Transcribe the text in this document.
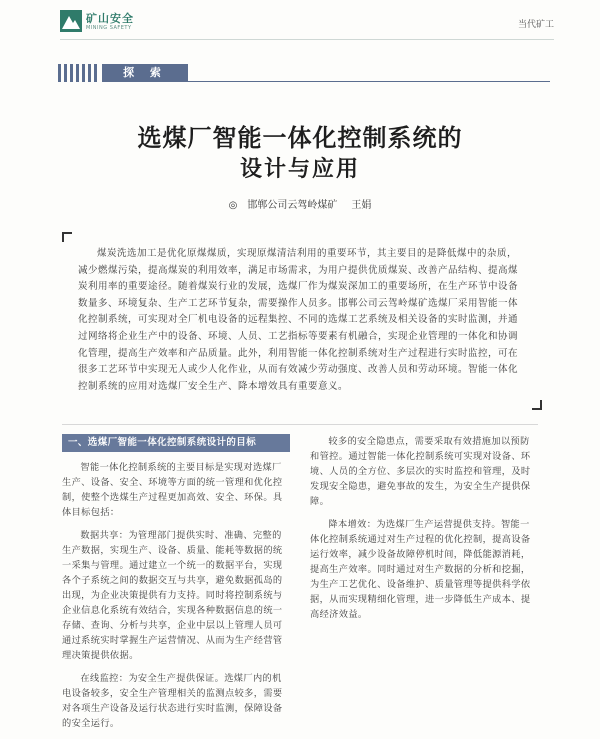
矿山安全
MINING SAFETY	当代矿工
探 索
选煤厂智能一体化控制系统的
设计与应用
◎ 邯郸公司云驾岭煤矿 王娟
煤炭洗选加工是优化原煤煤质，实现原煤清洁利用的重要环节，其主要目的是降低煤中的杂质，减少燃煤污染，提高煤炭的利用效率，满足市场需求，为用户提供优质煤炭、改善产品结构、提高煤炭利用率的重要途径。随着煤炭行业的发展，选煤厂作为煤炭深加工的重要场所，在生产环节中设备数量多、环境复杂、生产工艺环节复杂，需要操作人员多。邯郸公司云驾岭煤矿选煤厂采用智能一体化控制系统，可实现对全厂机电设备的远程集控、不同的选煤工艺系统及相关设备的实时监测，并通过网络将企业生产中的设备、环境、人员、工艺指标等要素有机融合，实现企业管理的一体化和协调化管理，提高生产效率和产品质量。此外，利用智能一体化控制系统对生产过程进行实时监控，可在很多工艺环节中实现无人或少人化作业，从而有效减少劳动强度、改善人员和劳动环境。智能一体化控制系统的应用对选煤厂安全生产、降本增效具有重要意义。
一、选煤厂智能一体化控制系统设计的目标

智能一体化控制系统的主要目标是实现对选煤厂生产、设备、安全、环境等方面的统一管理和优化控制，使整个选煤生产过程更加高效、安全、环保。具体目标包括：

数据共享：为管理部门提供实时、准确、完整的生产数据，实现生产、设备、质量、能耗等数据的统一采集与管理。通过建立一个统一的数据平台，实现各个子系统之间的数据交互与共享，避免数据孤岛的出现，为企业决策提供有力支持。同时将控制系统与企业信息化系统有效结合，实现各种数据信息的统一存储、查询、分析与共享，企业中层以上管理人员可通过系统实时掌握生产运营情况、从而为生产经营管理决策提供依据。

在线监控：为安全生产提供保证。选煤厂内的机电设备较多，安全生产管理相关的监测点较多，需要对各项生产设备及运行状态进行实时监测，保障设备的安全运行。

较多的安全隐患点，需要采取有效措施加以预防和管控。通过智能一体化控制系统可实现对设备、环境、人员的全方位、多层次的实时监控和管理，及时发现安全隐患，避免事故的发生，为安全生产提供保障。

降本增效：为选煤厂生产运营提供支持。智能一体化控制系统通过对生产过程的优化控制，提高设备运行效率，减少设备故障停机时间，降低能源消耗，提高生产效率。同时通过对生产数据的分析和挖掘，为生产工艺优化、设备维护、质量管理等提供科学依据，从而实现精细化管理，进一步降低生产成本、提高经济效益。
